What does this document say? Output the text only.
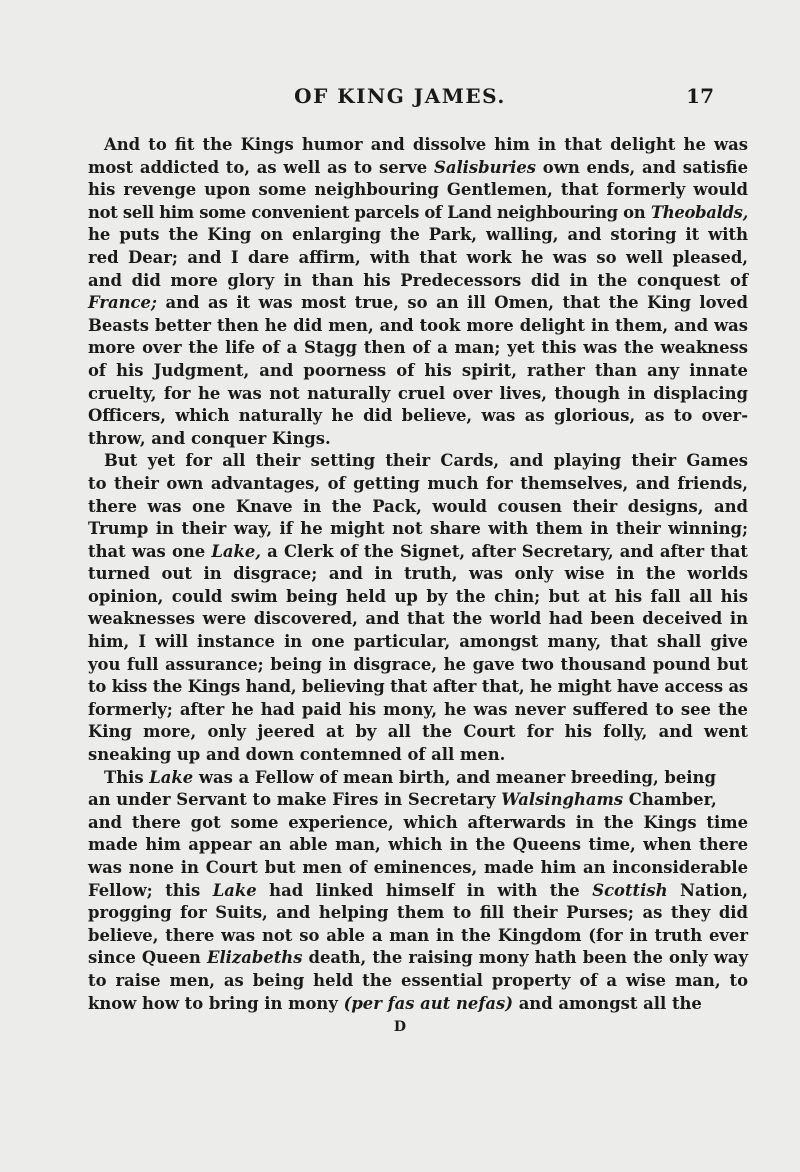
OF KING JAMES.	17
And to fit the Kings humor and dissolve him in that delight he was
most addicted to, as well as to serve Salisburies own ends, and satisfie
his revenge upon some neighbouring Gentlemen, that formerly would
not sell him some convenient parcels of Land neighbouring on Theobalds,
he puts the King on enlarging the Park, walling, and storing it with
red Dear; and I dare affirm, with that work he was so well pleased,
and did more glory in than his Predecessors did in the conquest of
France; and as it was most true, so an ill Omen, that the King loved
Beasts better then he did men, and took more delight in them, and was
more over the life of a Stagg then of a man; yet this was the weakness
of his Judgment, and poorness of his spirit, rather than any innate
cruelty, for he was not naturally cruel over lives, though in displacing
Officers, which naturally he did believe, was as glorious, as to over-
throw, and conquer Kings.
But yet for all their setting their Cards, and playing their Games
to their own advantages, of getting much for themselves, and friends,
there was one Knave in the Pack, would cousen their designs, and
Trump in their way, if he might not share with them in their winning;
that was one Lake, a Clerk of the Signet, after Secretary, and after that
turned out in disgrace; and in truth, was only wise in the worlds
opinion, could swim being held up by the chin; but at his fall all his
weaknesses were discovered, and that the world had been deceived in
him, I will instance in one particular, amongst many, that shall give
you full assurance; being in disgrace, he gave two thousand pound but
to kiss the Kings hand, believing that after that, he might have access as
formerly; after he had paid his mony, he was never suffered to see the
King more, only jeered at by all the Court for his folly, and went
sneaking up and down contemned of all men.
This Lake was a Fellow of mean birth, and meaner breeding, being
an under Servant to make Fires in Secretary Walsinghams Chamber,
and there got some experience, which afterwards in the Kings time
made him appear an able man, which in the Queens time, when there
was none in Court but men of eminences, made him an inconsiderable
Fellow; this Lake had linked himself in with the Scottish Nation,
progging for Suits, and helping them to fill their Purses; as they did
believe, there was not so able a man in the Kingdom (for in truth ever
since Queen Elizabeths death, the raising mony hath been the only way
to raise men, as being held the essential property of a wise man, to
know how to bring in mony (per fas aut nefas) and amongst all the
D
